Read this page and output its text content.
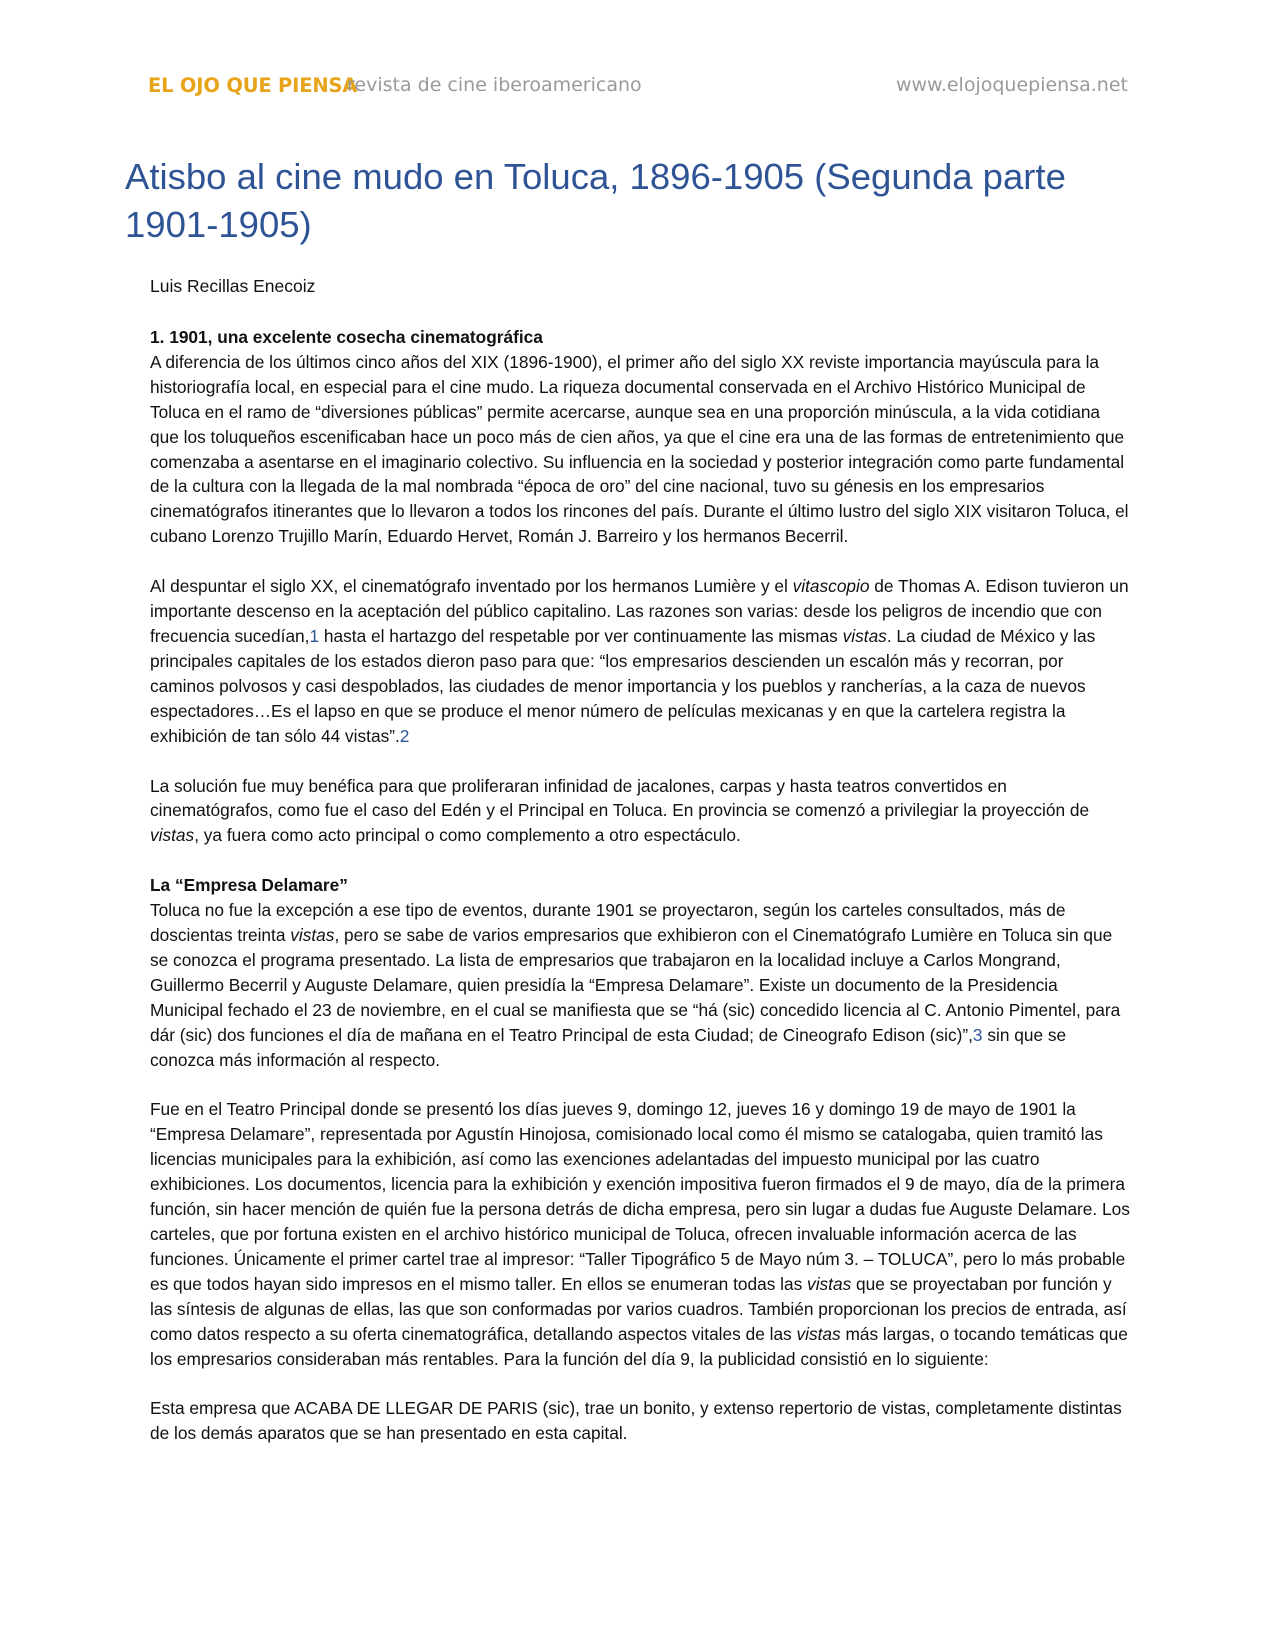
EL OJO QUE PIENSA
revista de cine iberoamericano	www.elojoquepiensa.net
Atisbo al cine mudo en Toluca, 1896-1905 (Segunda parte 1901-1905)
Luis Recillas Enecoiz
1. 1901, una excelente cosecha cinematográfica

A diferencia de los últimos cinco años del XIX (1896-1900), el primer año del siglo XX reviste importancia mayúscula para la historiografía local, en especial para el cine mudo. La riqueza documental conservada en el Archivo Histórico Municipal de Toluca en el ramo de “diversiones públicas” permite acercarse, aunque sea en una proporción minúscula, a la vida cotidiana que los toluqueños escenificaban hace un poco más de cien años, ya que el cine era una de las formas de entretenimiento que comenzaba a asentarse en el imaginario colectivo. Su influencia en la sociedad y posterior integración como parte fundamental de la cultura con la llegada de la mal nombrada “época de oro” del cine nacional, tuvo su génesis en los empresarios cinematógrafos itinerantes que lo llevaron a todos los rincones del país. Durante el último lustro del siglo XIX visitaron Toluca, el cubano Lorenzo Trujillo Marín, Eduardo Hervet, Román J. Barreiro y los hermanos Becerril.

Al despuntar el siglo XX, el cinematógrafo inventado por los hermanos Lumière y el vitascopio de Thomas A. Edison tuvieron un importante descenso en la aceptación del público capitalino. Las razones son varias: desde los peligros de incendio que con frecuencia sucedían,1 hasta el hartazgo del respetable por ver continuamente las mismas vistas. La ciudad de México y las principales capitales de los estados dieron paso para que: “los empresarios descienden un escalón más y recorran, por caminos polvosos y casi despoblados, las ciudades de menor importancia y los pueblos y rancherías, a la caza de nuevos espectadores…Es el lapso en que se produce el menor número de películas mexicanas y en que la cartelera registra la exhibición de tan sólo 44 vistas”.2

La solución fue muy benéfica para que proliferaran infinidad de jacalones, carpas y hasta teatros convertidos en cinematógrafos, como fue el caso del Edén y el Principal en Toluca. En provincia se comenzó a privilegiar la proyección de vistas, ya fuera como acto principal o como complemento a otro espectáculo.

La “Empresa Delamare”

Toluca no fue la excepción a ese tipo de eventos, durante 1901 se proyectaron, según los carteles consultados, más de doscientas treinta vistas, pero se sabe de varios empresarios que exhibieron con el Cinematógrafo Lumière en Toluca sin que se conozca el programa presentado. La lista de empresarios que trabajaron en la localidad incluye a Carlos Mongrand, Guillermo Becerril y Auguste Delamare, quien presidía la “Empresa Delamare”. Existe un documento de la Presidencia Municipal fechado el 23 de noviembre, en el cual se manifiesta que se “há (sic) concedido licencia al C. Antonio Pimentel, para dár (sic) dos funciones el día de mañana en el Teatro Principal de esta Ciudad; de Cineografo Edison (sic)”,3 sin que se conozca más información al respecto.

Fue en el Teatro Principal donde se presentó los días jueves 9, domingo 12, jueves 16 y domingo 19 de mayo de 1901 la “Empresa Delamare”, representada por Agustín Hinojosa, comisionado local como él mismo se catalogaba, quien tramitó las licencias municipales para la exhibición, así como las exenciones adelantadas del impuesto municipal por las cuatro exhibiciones. Los documentos, licencia para la exhibición y exención impositiva fueron firmados el 9 de mayo, día de la primera función, sin hacer mención de quién fue la persona detrás de dicha empresa, pero sin lugar a dudas fue Auguste Delamare. Los carteles, que por fortuna existen en el archivo histórico municipal de Toluca, ofrecen invaluable información acerca de las funciones. Únicamente el primer cartel trae al impresor: “Taller Tipográfico 5 de Mayo núm 3. – TOLUCA”, pero lo más probable es que todos hayan sido impresos en el mismo taller. En ellos se enumeran todas las vistas que se proyectaban por función y las síntesis de algunas de ellas, las que son conformadas por varios cuadros. También proporcionan los precios de entrada, así como datos respecto a su oferta cinematográfica, detallando aspectos vitales de las vistas más largas, o tocando temáticas que los empresarios consideraban más rentables. Para la función del día 9, la publicidad consistió en lo siguiente:

Esta empresa que ACABA DE LLEGAR DE PARIS (sic), trae un bonito, y extenso repertorio de vistas, completamente distintas de los demás aparatos que se han presentado en esta capital.
